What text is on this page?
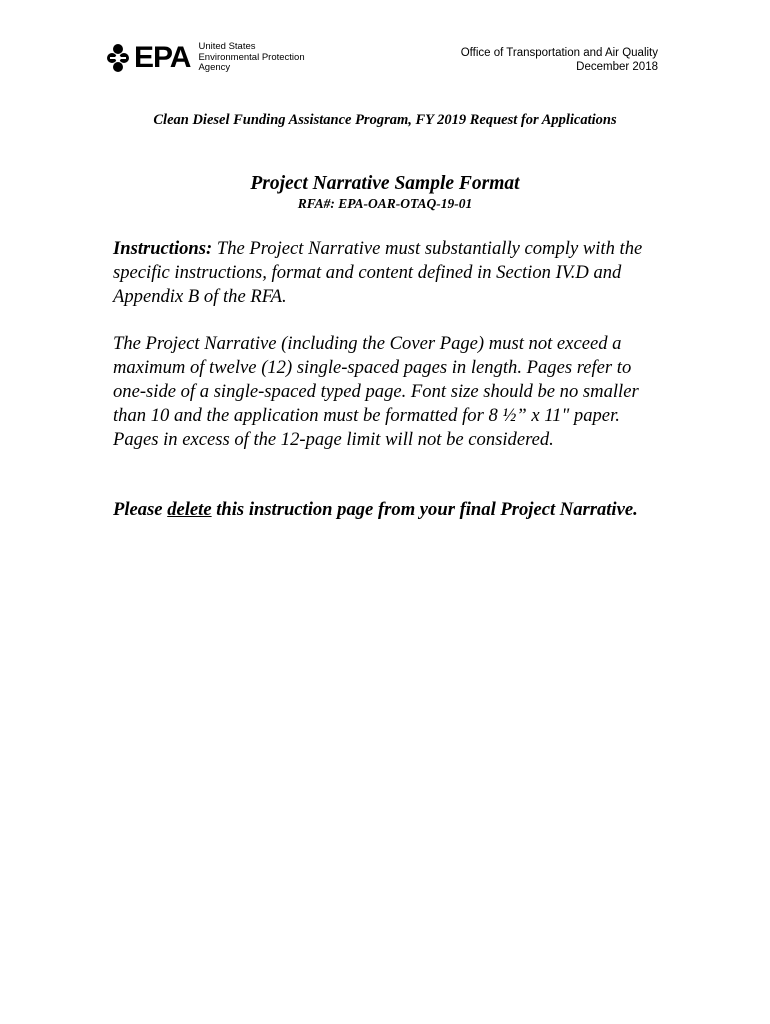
EPA United States
Environmental Protection
Agency
Office of Transportation and Air Quality
December 2018
Clean Diesel Funding Assistance Program, FY 2019 Request for Applications
Project Narrative Sample Format
RFA#: EPA-OAR-OTAQ-19-01
Instructions: The Project Narrative must substantially comply with the specific instructions, format and content defined in Section IV.D and Appendix B of the RFA.
The Project Narrative (including the Cover Page) must not exceed a maximum of twelve (12) single-spaced pages in length. Pages refer to one-side of a single-spaced typed page. Font size should be no smaller than 10 and the application must be formatted for 8 ½” x 11" paper. Pages in excess of the 12-page limit will not be considered.
Please delete this instruction page from your final Project Narrative.
